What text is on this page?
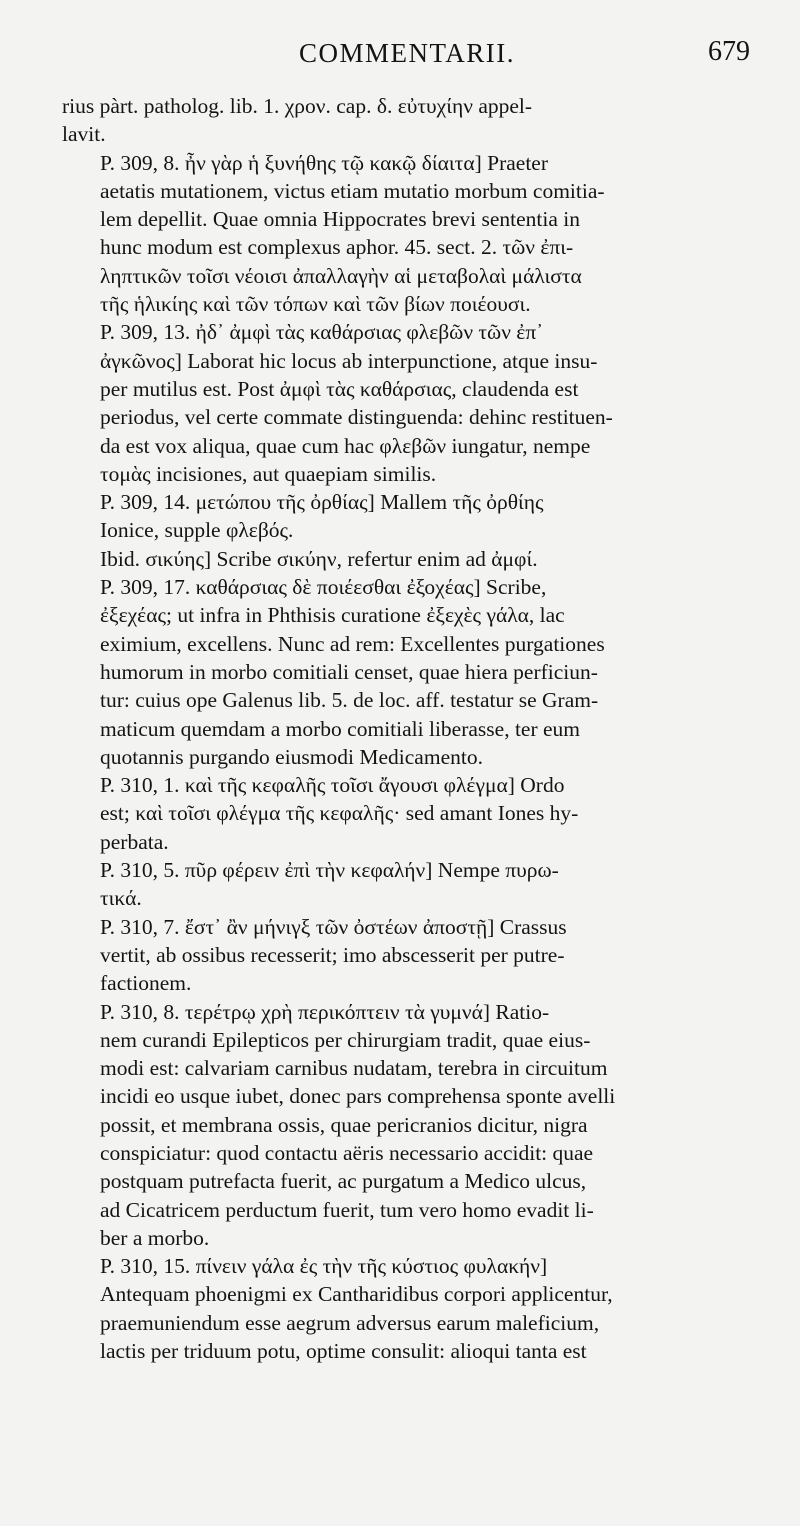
COMMENTARII.	679

rius pàrt. patholog. lib. 1. χρον. cap. δ. εὐτυχίην appel-
lavit.

P. 309, 8. ἦν γὰρ ἡ ξυνήθης τῷ κακῷ δίαιτα] Praeter
aetatis mutationem, victus etiam mutatio morbum comitia-
lem depellit. Quae omnia Hippocrates brevi sententia in
hunc modum est complexus aphor. 45. sect. 2. τῶν ἐπι-
ληπτικῶν τοῖσι νέοισι ἀπαλλαγὴν αἱ μεταβολαὶ μάλιστα
τῆς ἡλικίης καὶ τῶν τόπων καὶ τῶν βίων ποιέουσι.

P. 309, 13. ἠδ᾽ ἀμφὶ τὰς καθάρσιας φλεβῶν τῶν ἐπ᾽
ἀγκῶνος] Laborat hic locus ab interpunctione, atque insu-
per mutilus est. Post ἀμφὶ τὰς καθάρσιας, claudenda est
periodus, vel certe commate distinguenda: dehinc restituen-
da est vox aliqua, quae cum hac φλεβῶν iungatur, nempe
τομὰς incisiones, aut quaepiam similis.

P. 309, 14. μετώπου τῆς ὀρθίας] Mallem τῆς ὀρθίης
Ionice, supple φλεβός.

Ibid. σικύης] Scribe σικύην, refertur enim ad ἀμφί.

P. 309, 17. καθάρσιας δὲ ποιέεσθαι ἐξοχέας] Scribe,
ἐξεχέας; ut infra in Phthisis curatione ἐξεχὲς γάλα, lac
eximium, excellens. Nunc ad rem: Excellentes purgationes
humorum in morbo comitiali censet, quae hiera perficiun-
tur: cuius ope Galenus lib. 5. de loc. aff. testatur se Gram-
maticum quemdam a morbo comitiali liberasse, ter eum
quotannis purgando eiusmodi Medicamento.

P. 310, 1. καὶ τῆς κεφαλῆς τοῖσι ἄγουσι φλέγμα] Ordo
est; καὶ τοῖσι φλέγμα τῆς κεφαλῆς· sed amant Iones hy-
perbata.

P. 310, 5. πῦρ φέρειν ἐπὶ τὴν κεφαλήν] Nempe πυρω-
τικά.

P. 310, 7. ἔστ᾽ ἂν μήνιγξ τῶν ὀστέων ἀποστῇ] Crassus
vertit, ab ossibus recesserit; imo abscesserit per putre-
factionem.

P. 310, 8. τερέτρῳ χρὴ περικόπτειν τὰ γυμνά] Ratio-
nem curandi Epilepticos per chirurgiam tradit, quae eius-
modi est: calvariam carnibus nudatam, terebra in circuitum
incidi eo usque iubet, donec pars comprehensa sponte avelli
possit, et membrana ossis, quae pericranios dicitur, nigra
conspiciatur: quod contactu aëris necessario accidit: quae
postquam putrefacta fuerit, ac purgatum a Medico ulcus,
ad Cicatricem perductum fuerit, tum vero homo evadit li-
ber a morbo.

P. 310, 15. πίνειν γάλα ἐς τὴν τῆς κύστιος φυλακήν]
Antequam phoenigmi ex Cantharidibus corpori applicentur,
praemuniendum esse aegrum adversus earum maleficium,
lactis per triduum potu, optime consulit: alioqui tanta est
